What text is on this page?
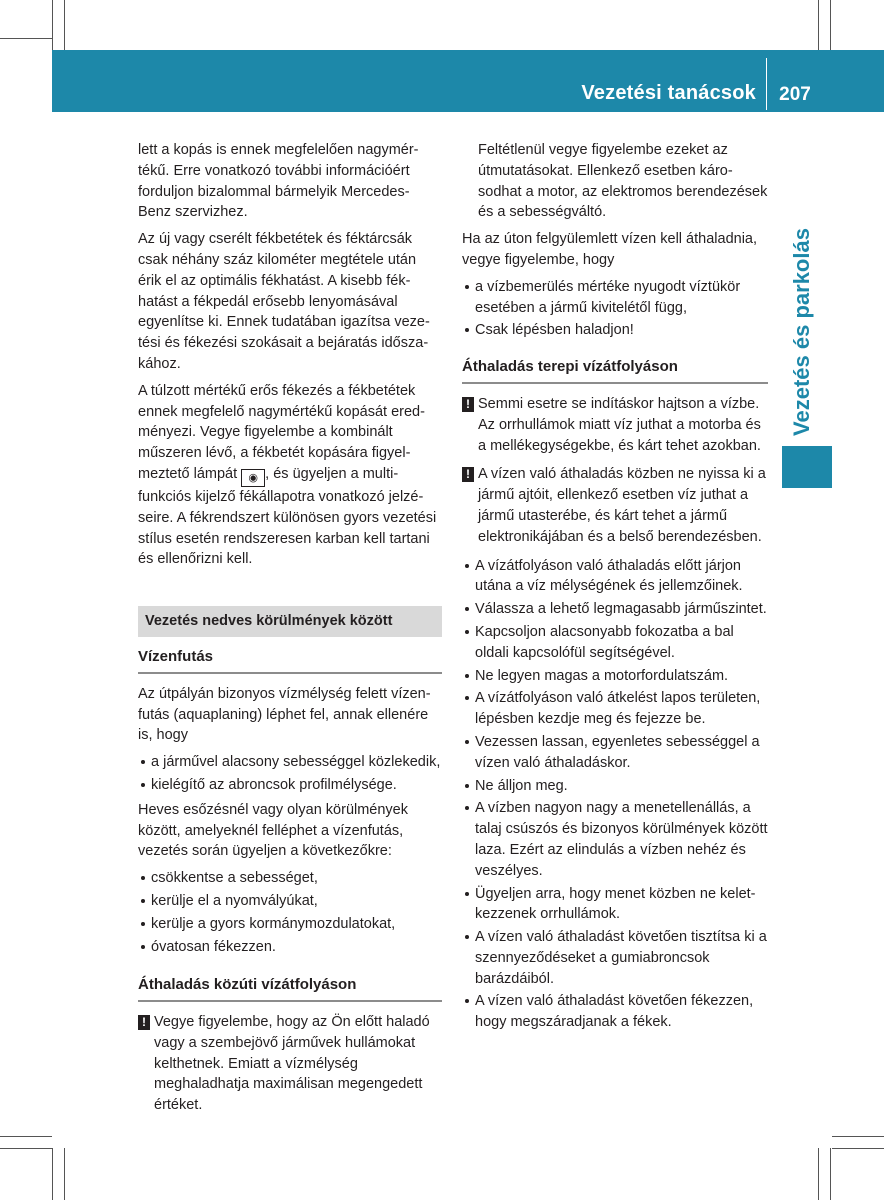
Vezetési tanácsok	207
Vezetés és parkolás

lett a kopás is ennek megfelelően nagymértékű. Erre vonatkozó további információért forduljon bizalommal bármelyik Mercedes-Benz szervizhez.

Az új vagy cserélt fékbetétek és féktárcsák csak néhány száz kilométer megtétele után érik el az optimális fékhatást. A kisebb fékhatást a fékpedál erősebb lenyomásával egyenlítse ki. Ennek tudatában igazítsa vezetési és fékezési szokásait a bejáratás időszakához.

A túlzott mértékű erős fékezés a fékbetétek ennek megfelelő nagymértékű kopását eredményezi. Vegye figyelembe a kombinált műszeren lévő, a fékbetét kopására figyelmeztető lámpát ◉ , és ügyeljen a multifunkciós kijelző fékállapotra vonatkozó jelzéseire. A fékrendszert különösen gyors vezetési stílus esetén rendszeresen karban kell tartani és ellenőrizni kell.

Vezetés nedves körülmények között
Vízenfutás

Az útpályán bizonyos vízmélység felett vízenfutás (aquaplaning) léphet fel, annak ellenére is, hogy

a járművel alacsony sebességgel közlekedik,
kielégítő az abroncsok profilmélysége.

Heves esőzésnél vagy olyan körülmények között, amelyeknél felléphet a vízenfutás, vezetés során ügyeljen a következőkre:

csökkentse a sebességet,
kerülje el a nyomvályúkat,
kerülje a gyors kormánymozdulatokat,
óvatosan fékezzen.
Áthaladás közúti vízátfolyáson
! Vegye figyelembe, hogy az Ön előtt haladó vagy a szembejövő járművek hullámokat kelthetnek. Emiatt a vízmélység meghaladhatja maximálisan megengedett értéket.

Feltétlenül vegye figyelembe ezeket az útmutatásokat. Ellenkező esetben károsodhat a motor, az elektromos berendezések és a sebességváltó.

Ha az úton felgyülemlett vízen kell áthaladnia, vegye figyelembe, hogy

a vízbemerülés mértéke nyugodt víztükör esetében a jármű kivitelétől függ,
Csak lépésben haladjon!
Áthaladás terepi vízátfolyáson
! Semmi esetre se indításkor hajtson a vízbe. Az orrhullámok miatt víz juthat a motorba és a mellékegységekbe, és kárt tehet azokban.
! A vízen való áthaladás közben ne nyissa ki a jármű ajtóit, ellenkező esetben víz juthat a jármű utasterébe, és kárt tehet a jármű elektronikájában és a belső berendezésben.
A vízátfolyáson való áthaladás előtt járjon utána a víz mélységének és jellemzőinek.
Válassza a lehető legmagasabb járműszintet.
Kapcsoljon alacsonyabb fokozatba a bal oldali kapcsolófül segítségével.
Ne legyen magas a motorfordulatszám.
A vízátfolyáson való átkelést lapos területen, lépésben kezdje meg és fejezze be.
Vezessen lassan, egyenletes sebességgel a vízen való áthaladáskor.
Ne álljon meg.
A vízben nagyon nagy a menetellenállás, a talaj csúszós és bizonyos körülmények között laza. Ezért az elindulás a vízben nehéz és veszélyes.
Ügyeljen arra, hogy menet közben ne keletkezzenek orrhullámok.
A vízen való áthaladást követően tisztítsa ki a szennyeződéseket a gumiabroncsok barázdáiból.
A vízen való áthaladást követően fékezzen, hogy megszáradjanak a fékek.
